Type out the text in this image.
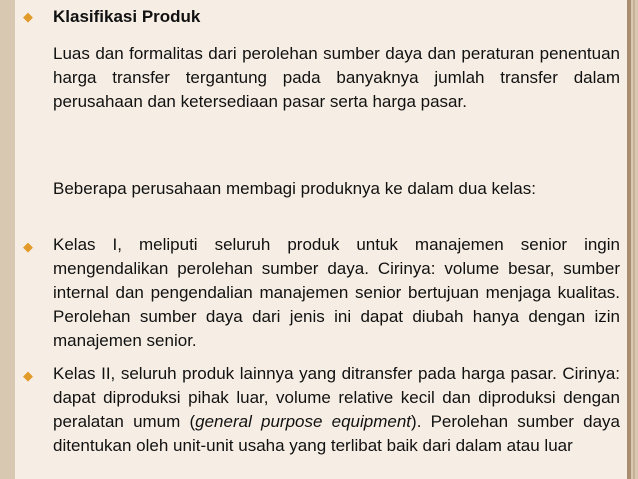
◆ Klasifikasi Produk

Luas dan formalitas dari perolehan sumber daya dan peraturan penentuan harga transfer tergantung pada banyaknya jumlah transfer dalam perusahaan dan ketersediaan pasar serta harga pasar.

Beberapa perusahaan membagi produknya ke dalam dua kelas:

◆ Kelas I, meliputi seluruh produk untuk manajemen senior ingin mengendalikan perolehan sumber daya. Cirinya: volume besar, sumber internal dan pengendalian manajemen senior bertujuan menjaga kualitas. Perolehan sumber daya dari jenis ini dapat diubah hanya dengan izin manajemen senior.

◆ Kelas II, seluruh produk lainnya yang ditransfer pada harga pasar. Cirinya: dapat diproduksi pihak luar, volume relative kecil dan diproduksi dengan peralatan umum (general purpose equipment). Perolehan sumber daya ditentukan oleh unit-unit usaha yang terlibat baik dari dalam atau luar
